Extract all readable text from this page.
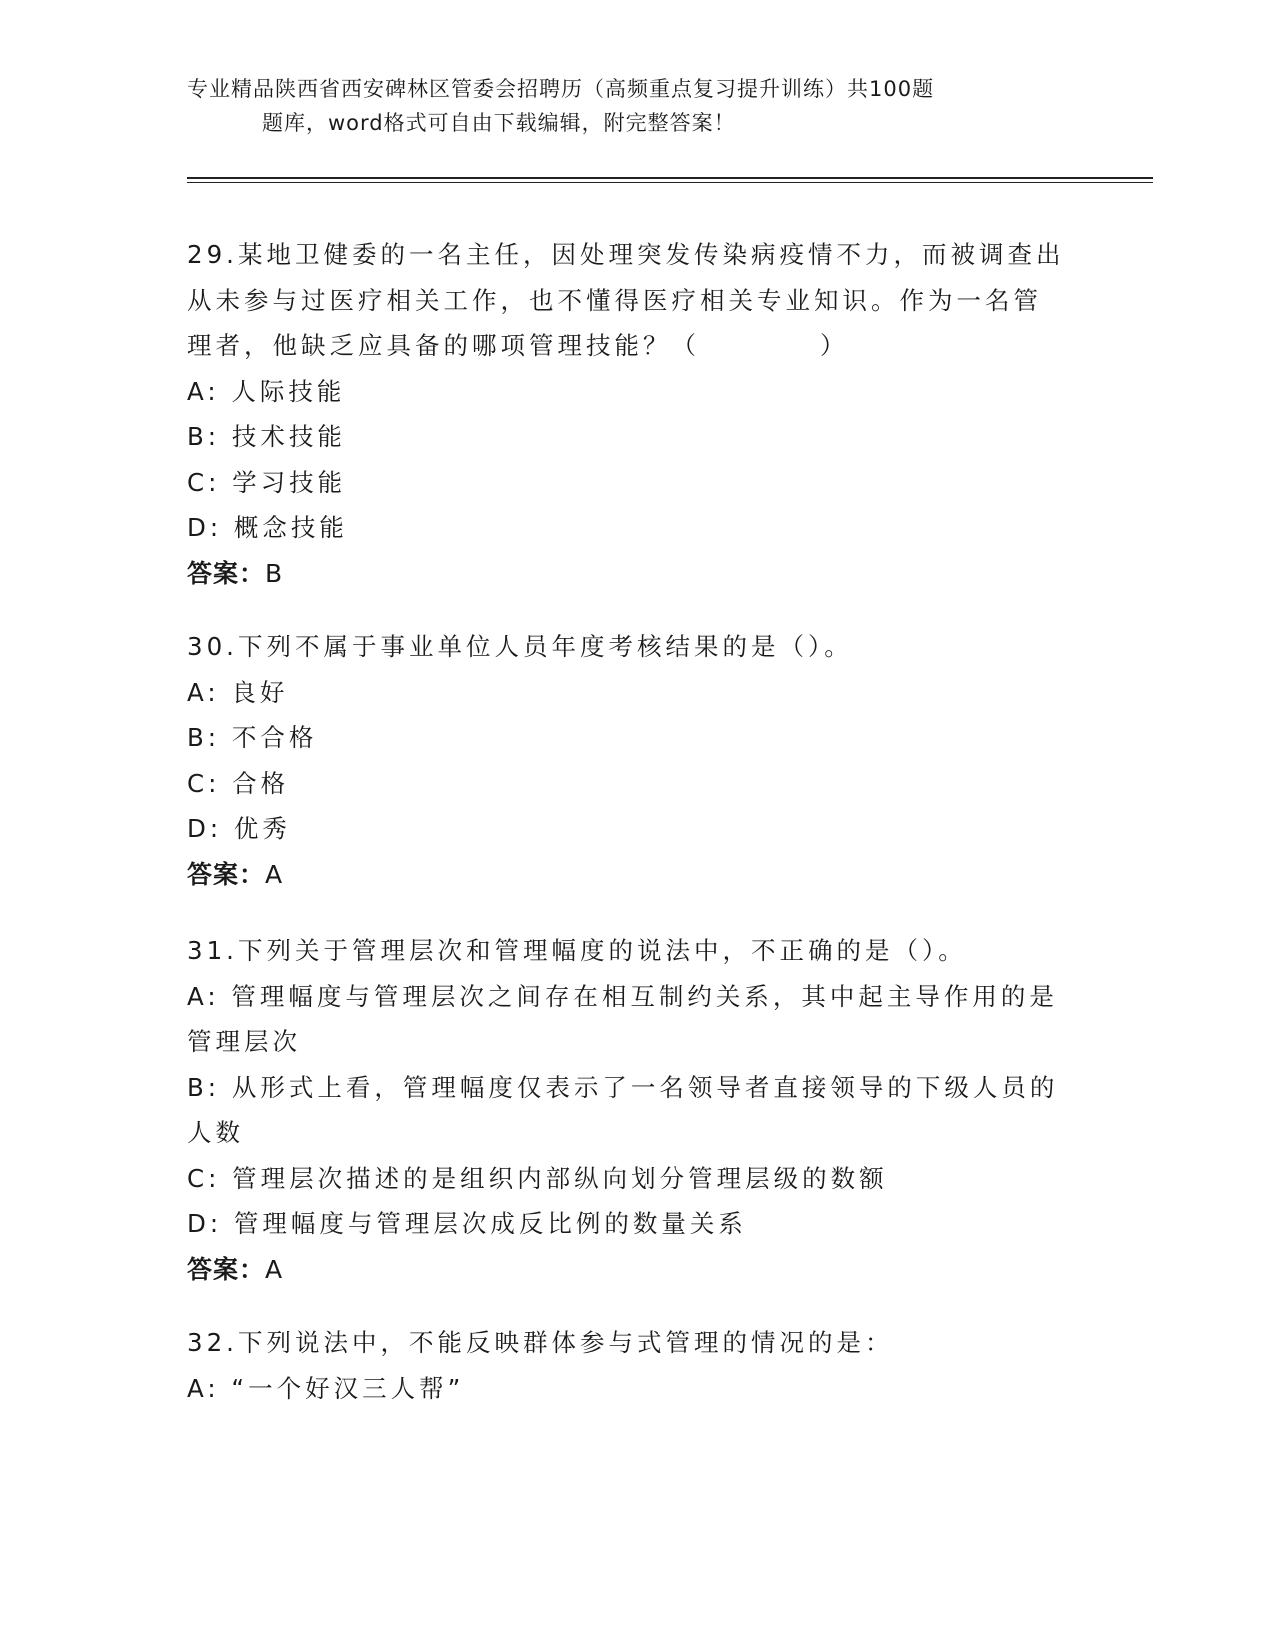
专业精品陕西省西安碑林区管委会招聘历（高频重点复习提升训练）共100题
题库，word格式可自由下载编辑，附完整答案！
29.某地卫健委的一名主任，因处理突发传染病疫情不力，而被调查出
从未参与过医疗相关工作，也不懂得医疗相关专业知识。作为一名管
理者，他缺乏应具备的哪项管理技能？（	）
A: 人际技能
B: 技术技能
C: 学习技能
D: 概念技能
答案：B
30.下列不属于事业单位人员年度考核结果的是（）。
A: 良好
B: 不合格
C: 合格
D: 优秀
答案：A
31.下列关于管理层次和管理幅度的说法中，不正确的是（）。
A: 管理幅度与管理层次之间存在相互制约关系，其中起主导作用的是
管理层次
B: 从形式上看，管理幅度仅表示了一名领导者直接领导的下级人员的
人数
C: 管理层次描述的是组织内部纵向划分管理层级的数额
D: 管理幅度与管理层次成反比例的数量关系
答案：A
32.下列说法中，不能反映群体参与式管理的情况的是：
A: “一个好汉三人帮”
